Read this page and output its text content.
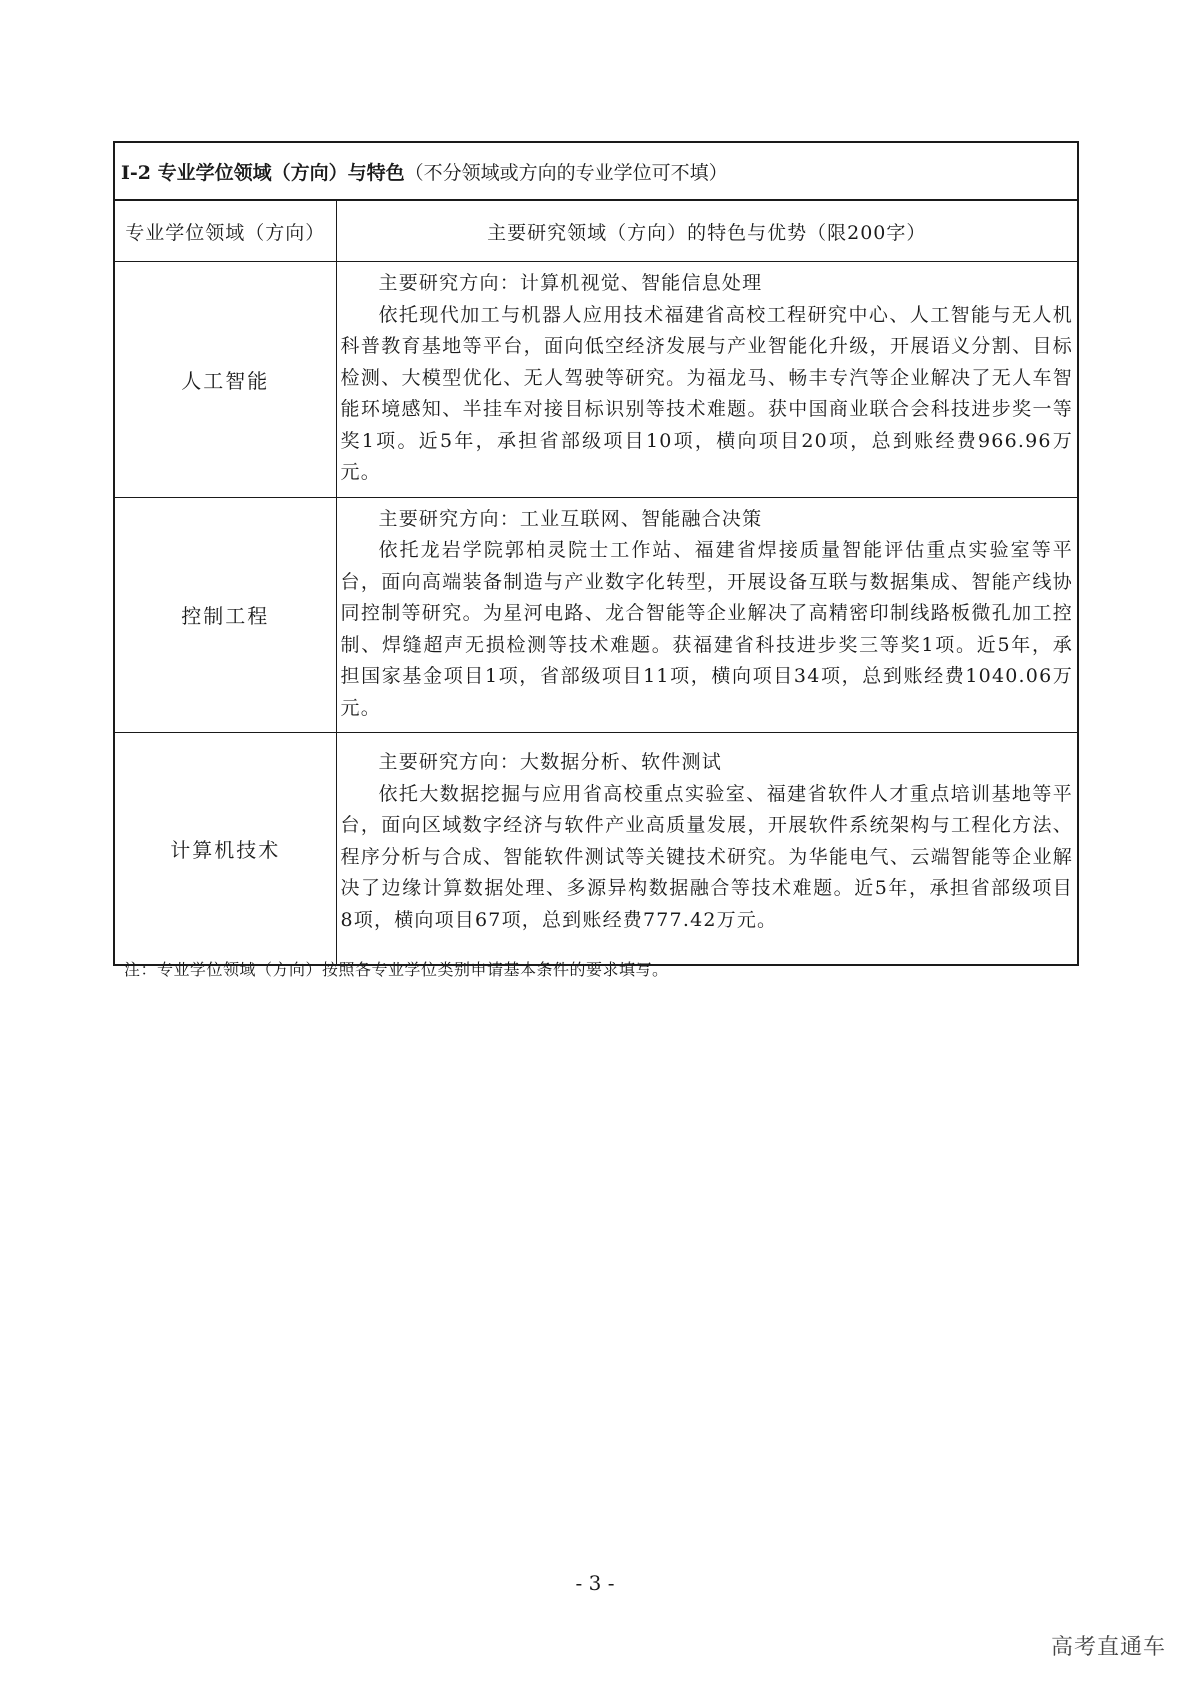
I-2 专业学位领域（方向）与特色（不分领域或方向的专业学位可不填）	
专业学位领域（方向）	主要研究领域（方向）的特色与优势（限200字）
人工智能	主要研究方向：计算机视觉、智能信息处理

依托现代加工与机器人应用技术福建省高校工程研究中心、人工智能与无人机科普教育基地等平台，面向低空经济发展与产业智能化升级，开展语义分割、目标检测、大模型优化、无人驾驶等研究。为福龙马、畅丰专汽等企业解决了无人车智能环境感知、半挂车对接目标识别等技术难题。获中国商业联合会科技进步奖一等奖1项。近5年，承担省部级项目10项，横向项目20项，总到账经费966.96万元。

控制工程	主要研究方向：工业互联网、智能融合决策

依托龙岩学院郭柏灵院士工作站、福建省焊接质量智能评估重点实验室等平台，面向高端装备制造与产业数字化转型，开展设备互联与数据集成、智能产线协同控制等研究。为星河电路、龙合智能等企业解决了高精密印制线路板微孔加工控制、焊缝超声无损检测等技术难题。获福建省科技进步奖三等奖1项。近5年，承担国家基金项目1项，省部级项目11项，横向项目34项，总到账经费1040.06万元。

计算机技术	主要研究方向：大数据分析、软件测试

依托大数据挖掘与应用省高校重点实验室、福建省软件人才重点培训基地等平台，面向区域数字经济与软件产业高质量发展，开展软件系统架构与工程化方法、程序分析与合成、智能软件测试等关键技术研究。为华能电气、云端智能等企业解决了边缘计算数据处理、多源异构数据融合等技术难题。近5年，承担省部级项目8项，横向项目67项，总到账经费777.42万元。

注：专业学位领域（方向）按照各专业学位类别申请基本条件的要求填写。
- 3 -
高考直通车
